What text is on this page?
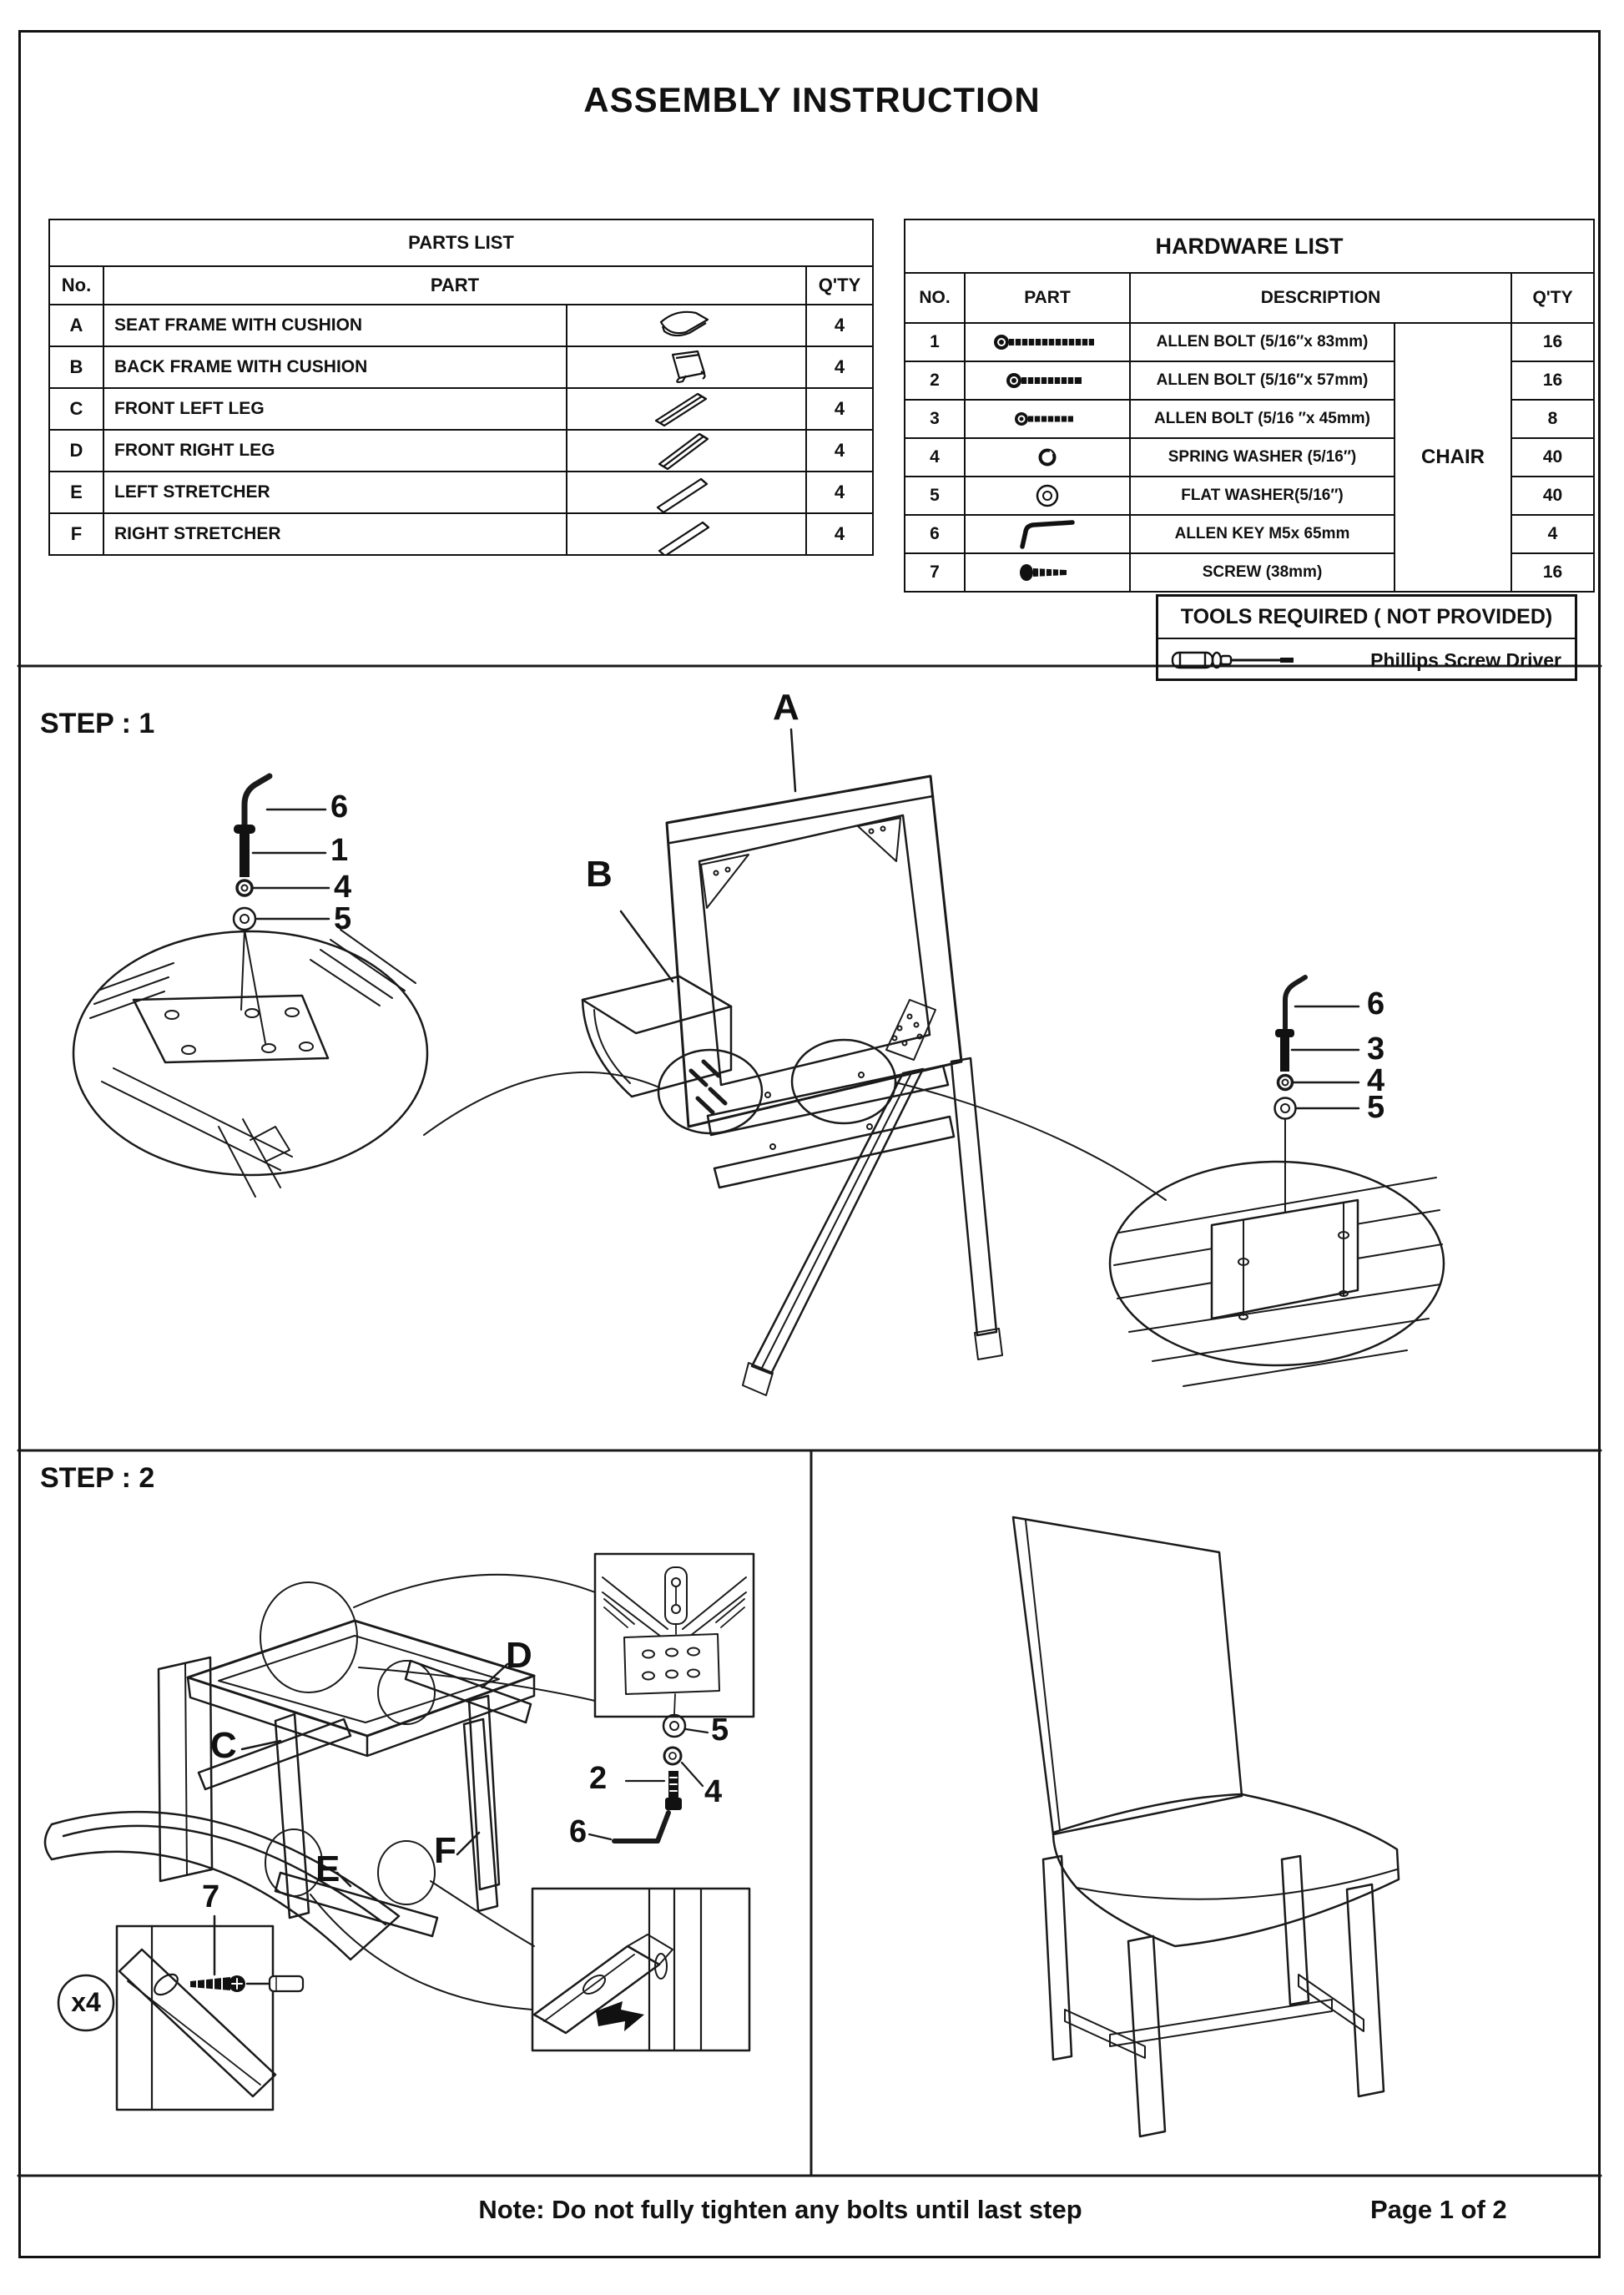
ASSEMBLY INSTRUCTION
PARTS LIST			
No.	PART		Q'TY
A	SEAT FRAME WITH CUSHION		4
B	BACK FRAME WITH CUSHION		4
C	FRONT LEFT LEG		4
D	FRONT RIGHT LEG		4
E	LEFT STRETCHER		4
F	RIGHT STRETCHER		4
HARDWARE LIST				
NO.	PART	DESCRIPTION		Q'TY
1		ALLEN BOLT (5/16″x 83mm)	CHAIR	16
2		ALLEN BOLT (5/16″x 57mm)		16
3		ALLEN BOLT (5/16 ″x 45mm)		8
4		SPRING WASHER (5/16″)		40
5		FLAT WASHER(5/16″)		40
6		ALLEN KEY M5x 65mm		4
7		SCREW (38mm)		16
TOOLS REQUIRED ( NOT PROVIDED)
Phillips Screw Driver
STEP : 1
STEP : 2
6
1
4
5
A
B
6
3
4
5
C
D
E	F
5
4
2
6
7
x4
Note: Do not fully tighten any bolts until last step	Page 1 of 2
